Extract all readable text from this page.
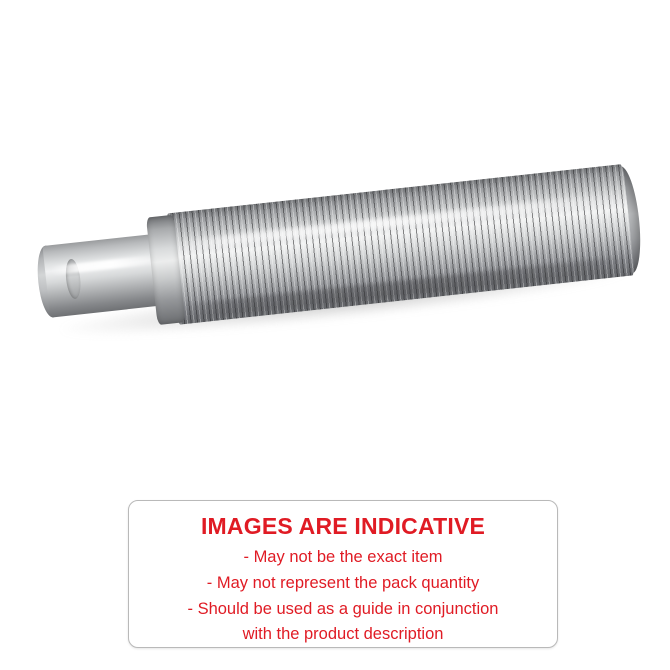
IMAGES ARE INDICATIVE

- May not be the exact item

- May not represent the pack quantity

- Should be used as a guide in conjunction

with the product description
